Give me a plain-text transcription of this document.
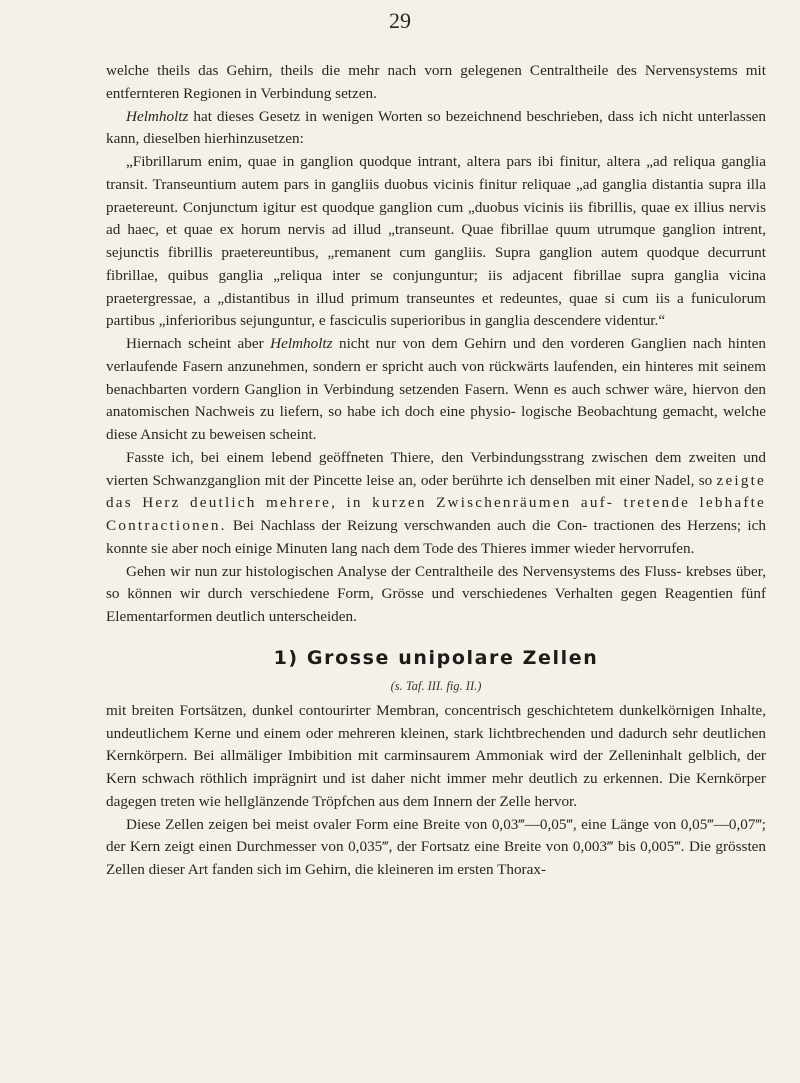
29

welche theils das Gehirn, theils die mehr nach vorn gelegenen Centraltheile des Nervensystems mit entfernteren Regionen in Verbindung setzen.

Helmholtz hat dieses Gesetz in wenigen Worten so bezeichnend beschrieben, dass ich nicht unterlassen kann, dieselben hierhinzusetzen:

„Fibrillarum enim, quae in ganglion quodque intrant, altera pars ibi finitur, altera „ad reliqua ganglia transit. Transeuntium autem pars in gangliis duobus vicinis finitur reliquae „ad ganglia distantia supra illa praetereunt. Conjunctum igitur est quodque ganglion cum „duobus vicinis iis fibrillis, quae ex illius nervis ad haec, et quae ex horum nervis ad illud „transeunt. Quae fibrillae quum utrumque ganglion intrent, sejunctis fibrillis praetereuntibus, „remanent cum gangliis. Supra ganglion autem quodque decurrunt fibrillae, quibus ganglia „reliqua inter se conjunguntur; iis adjacent fibrillae supra ganglia vicina praetergressae, a „distantibus in illud primum transeuntes et redeuntes, quae si cum iis a funiculorum partibus „inferioribus sejunguntur, e fasciculis superioribus in ganglia descendere videntur.“

Hiernach scheint aber Helmholtz nicht nur von dem Gehirn und den vorderen Ganglien nach hinten verlaufende Fasern anzunehmen, sondern er spricht auch von rückwärts laufenden, ein hinteres mit seinem benachbarten vordern Ganglion in Verbindung setzenden Fasern. Wenn es auch schwer wäre, hiervon den anatomischen Nachweis zu liefern, so habe ich doch eine physio- logische Beobachtung gemacht, welche diese Ansicht zu beweisen scheint.

Fasste ich, bei einem lebend geöffneten Thiere, den Verbindungsstrang zwischen dem zweiten und vierten Schwanzganglion mit der Pincette leise an, oder berührte ich denselben mit einer Nadel, so zeigte das Herz deutlich mehrere, in kurzen Zwischenräumen auf- tretende lebhafte Contractionen. Bei Nachlass der Reizung verschwanden auch die Con- tractionen des Herzens; ich konnte sie aber noch einige Minuten lang nach dem Tode des Thieres immer wieder hervorrufen.

Gehen wir nun zur histologischen Analyse der Centraltheile des Nervensystems des Fluss- krebses über, so können wir durch verschiedene Form, Grösse und verschiedenes Verhalten gegen Reagentien fünf Elementarformen deutlich unterscheiden.

1) Grosse unipolare Zellen
(s. Taf. III. fig. II.)

mit breiten Fortsätzen, dunkel contourirter Membran, concentrisch geschichtetem dunkelkörnigen Inhalte, undeutlichem Kerne und einem oder mehreren kleinen, stark lichtbrechenden und dadurch sehr deutlichen Kernkörpern. Bei allmäliger Imbibition mit carminsaurem Ammoniak wird der Zelleninhalt gelblich, der Kern schwach röthlich imprägnirt und ist daher nicht immer mehr deutlich zu erkennen. Die Kernkörper dagegen treten wie hellglänzende Tröpfchen aus dem Innern der Zelle hervor.

Diese Zellen zeigen bei meist ovaler Form eine Breite von 0,03‴—0,05‴, eine Länge von 0,05‴—0,07‴; der Kern zeigt einen Durchmesser von 0,035‴, der Fortsatz eine Breite von 0,003‴ bis 0,005‴. Die grössten Zellen dieser Art fanden sich im Gehirn, die kleineren im ersten Thorax-
